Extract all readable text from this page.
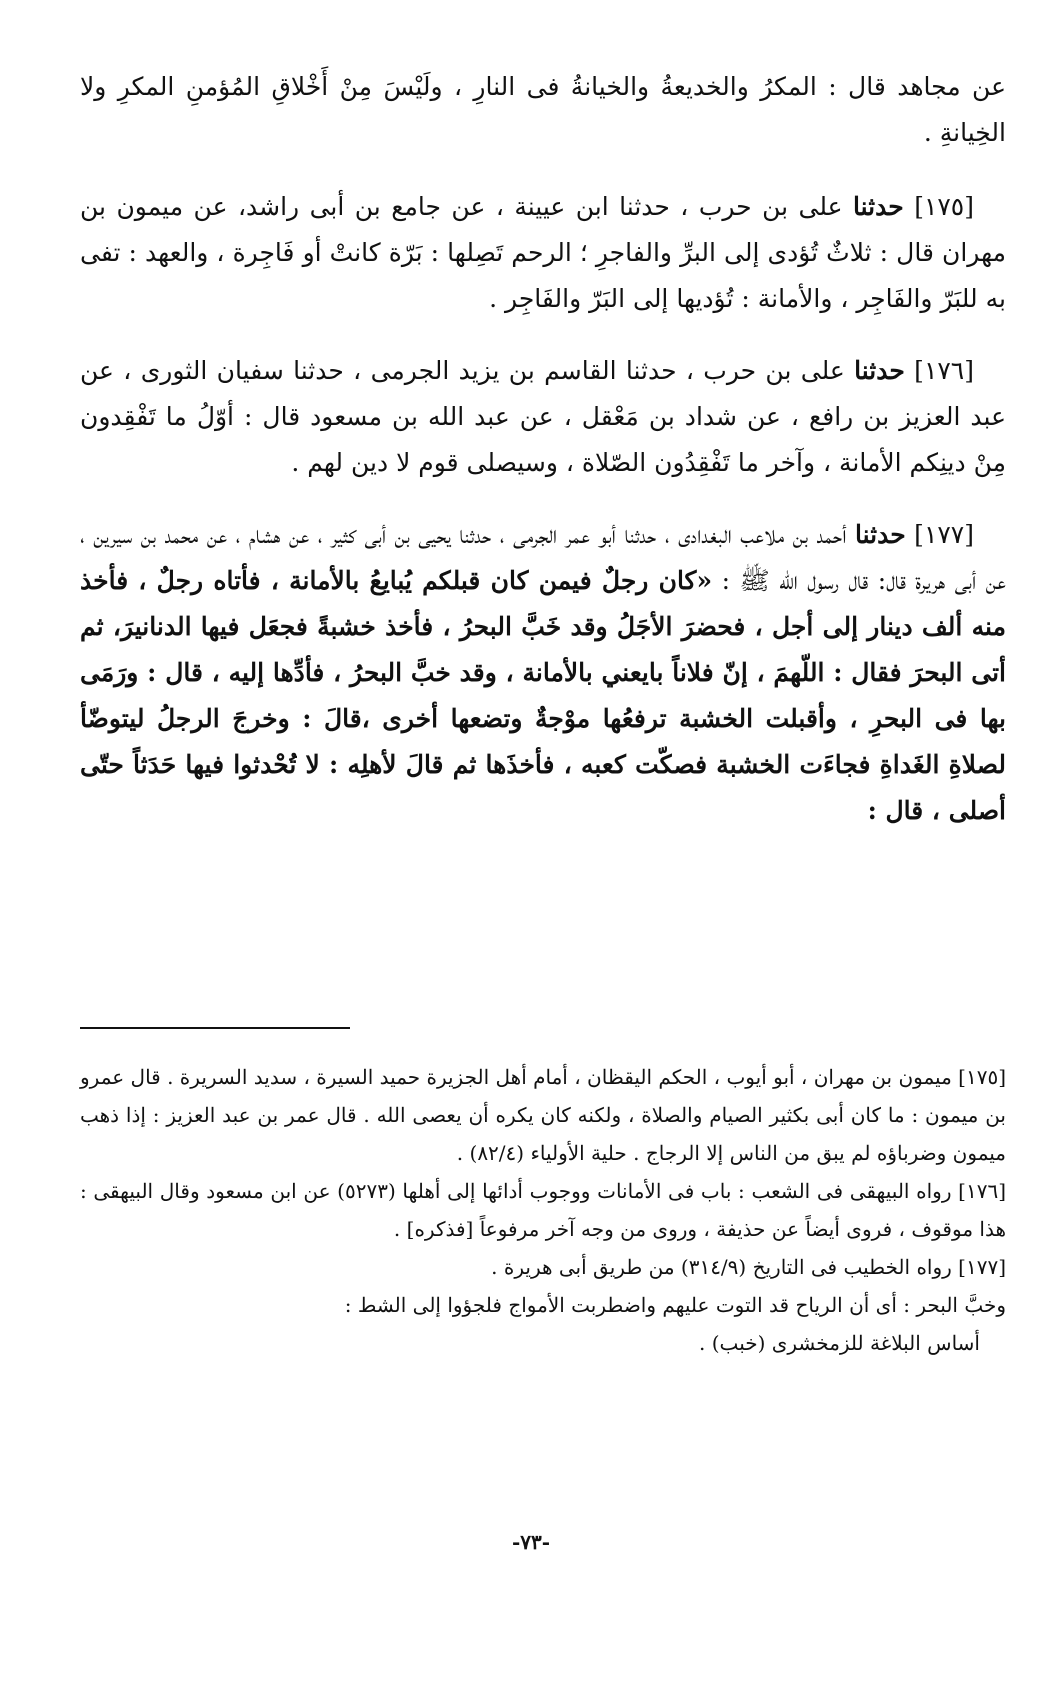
عن مجاهد قال : المكرُ والخديعةُ والخيانةُ فى النارِ ، ولَيْسَ مِنْ أَخْلاقِ المُؤمنِ المكرِ ولا الخِيانةِ .

[١٧٥] حدثنا على بن حرب ، حدثنا ابن عيينة ، عن جامع بن أبى راشد، عن ميمون بن مهران قال : ثلاثٌ تُؤدى إلى البرِّ والفاجرِ ؛ الرحم تَصِلها : بَرّة كانتْ أو فَاجِرة ، والعهد : تفى به للبَرّ والفَاجِر ، والأمانة : تُؤديها إلى البَرّ والفَاجِر .

[١٧٦] حدثنا على بن حرب ، حدثنا القاسم بن يزيد الجرمى ، حدثنا سفيان الثورى ، عن عبد العزيز بن رافع ، عن شداد بن مَعْقل ، عن عبد الله بن مسعود قال : أوّلُ ما تَفْقِدون مِنْ دينِكم الأمانة ، وآخر ما تَفْقِدُون الصّلاة ، وسيصلى قوم لا دين لهم .

[١٧٧] حدثنا أحمد بن ملاعب البغدادى ، حدثنا أبو عمر الجرمى ، حدثنا يحيى بن أبى كثير ، عن هشام ، عن محمد بن سيرين ، عن أبى هريرة قال: قال رسول الله ﷺ : «كان رجلٌ فيمن كان قبلكم يُبايعُ بالأمانة ، فأتاه رجلٌ ، فأخذ منه ألف دينار إلى أجل ، فحضرَ الأجَلُ وقد خَبَّ البحرُ ، فأخذ خشبةً فجعَل فيها الدنانيرَ، ثم أتى البحرَ فقال : اللّهمَ ، إنّ فلاناً بايعني بالأمانة ، وقد خبَّ البحرُ ، فأدِّها إليه ، قال : ورَمَى بها فى البحرِ ، وأقبلت الخشبة ترفعُها موْجةٌ وتضعها أخرى ،قالَ : وخرجَ الرجلُ ليتوضّأ لصلاةِ الغَداةِ فجاءَت الخشبة فصكّت كعبه ، فأخذَها ثم قالَ لأهلِه : لا تُحْدثوا فيها حَدَثاً حتّى أصلى ، قال :

[١٧٥] ميمون بن مهران ، أبو أيوب ، الحكم اليقظان ، أمام أهل الجزيرة حميد السيرة ، سديد السريرة . قال عمرو بن ميمون : ما كان أبى بكثير الصيام والصلاة ، ولكنه كان يكره أن يعصى الله . قال عمر بن عبد العزيز : إذا ذهب ميمون وضرباؤه لم يبق من الناس إلا الرجاج . حلية الأولياء (٨٢/٤) .

[١٧٦] رواه البيهقى فى الشعب : باب فى الأمانات ووجوب أدائها إلى أهلها (٥٢٧٣) عن ابن مسعود وقال البيهقى : هذا موقوف ، فروى أيضاً عن حذيفة ، وروى من وجه آخر مرفوعاً [فذكره] .

[١٧٧] رواه الخطيب فى التاريخ (٣١٤/٩) من طريق أبى هريرة .

وخبَّ البحر : أى أن الرياح قد التوت عليهم واضطربت الأمواج فلجؤوا إلى الشط :
أساس البلاغة للزمخشرى (خبب) .

-٧٣-
